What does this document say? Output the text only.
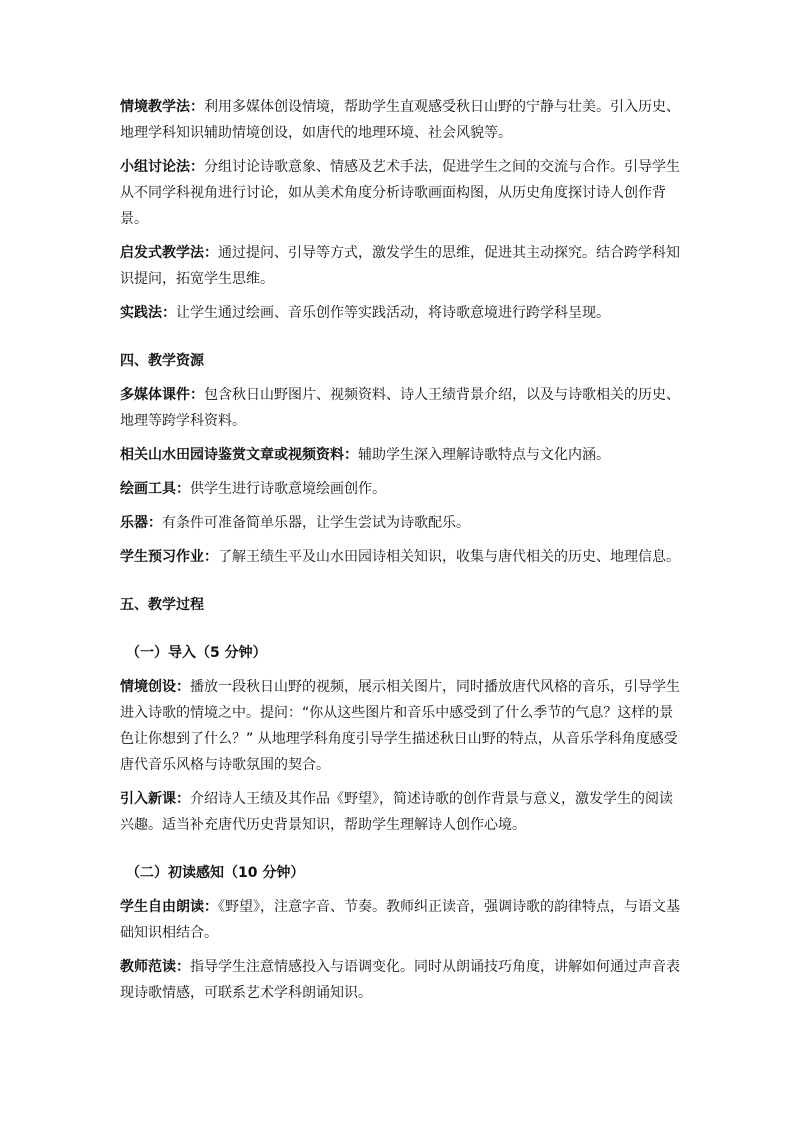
情境教学法：利用多媒体创设情境，帮助学生直观感受秋日山野的宁静与壮美。引入历史、地理学科知识辅助情境创设，如唐代的地理环境、社会风貌等。

小组讨论法：分组讨论诗歌意象、情感及艺术手法，促进学生之间的交流与合作。引导学生从不同学科视角进行讨论，如从美术角度分析诗歌画面构图，从历史角度探讨诗人创作背景。

启发式教学法：通过提问、引导等方式，激发学生的思维，促进其主动探究。结合跨学科知识提问，拓宽学生思维。

实践法：让学生通过绘画、音乐创作等实践活动，将诗歌意境进行跨学科呈现。

四、教学资源

多媒体课件：包含秋日山野图片、视频资料、诗人王绩背景介绍，以及与诗歌相关的历史、地理等跨学科资料。

相关山水田园诗鉴赏文章或视频资料：辅助学生深入理解诗歌特点与文化内涵。

绘画工具：供学生进行诗歌意境绘画创作。

乐器：有条件可准备简单乐器，让学生尝试为诗歌配乐。

学生预习作业：了解王绩生平及山水田园诗相关知识，收集与唐代相关的历史、地理信息。

五、教学过程

（一）导入（5 分钟）

情境创设：播放一段秋日山野的视频，展示相关图片，同时播放唐代风格的音乐，引导学生进入诗歌的情境之中。提问：“你从这些图片和音乐中感受到了什么季节的气息？这样的景色让你想到了什么？” 从地理学科角度引导学生描述秋日山野的特点，从音乐学科角度感受唐代音乐风格与诗歌氛围的契合。

引入新课：介绍诗人王绩及其作品《野望》，简述诗歌的创作背景与意义，激发学生的阅读兴趣。适当补充唐代历史背景知识，帮助学生理解诗人创作心境。

（二）初读感知（10 分钟）

学生自由朗读：《野望》，注意字音、节奏。教师纠正读音，强调诗歌的韵律特点，与语文基础知识相结合。

教师范读：指导学生注意情感投入与语调变化。同时从朗诵技巧角度，讲解如何通过声音表现诗歌情感，可联系艺术学科朗诵知识。
